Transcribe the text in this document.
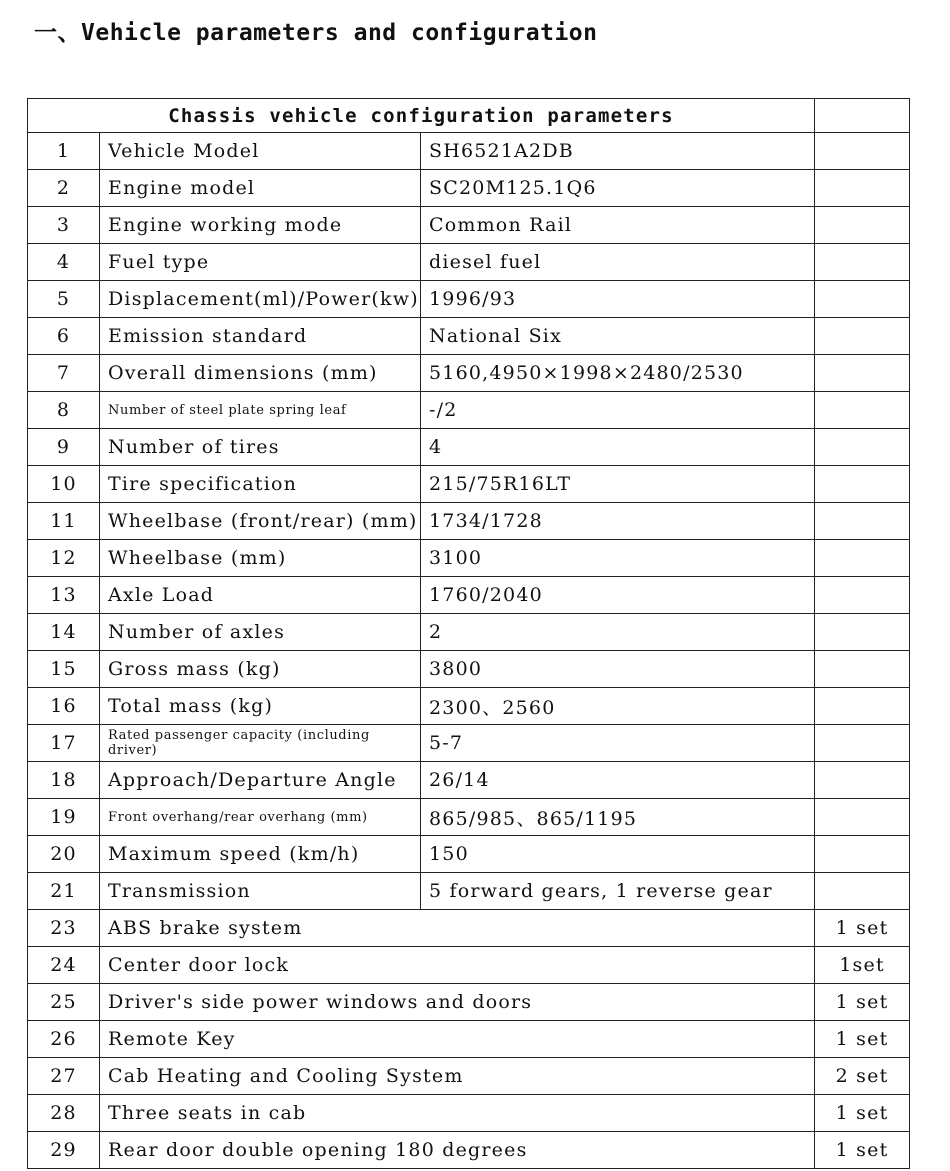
一、Vehicle parameters and configuration
Chassis vehicle configuration parameters			
1	Vehicle Model	SH6521A2DB	
2	Engine model	SC20M125.1Q6	
3	Engine working mode	Common Rail	
4	Fuel type	diesel fuel	
5	Displacement(ml)/Power(kw)	1996/93	
6	Emission standard	National Six	
7	Overall dimensions (mm)	5160,4950×1998×2480/2530	
8	Number of steel plate spring leaf	-/2	
9	Number of tires	4	
10	Tire specification	215/75R16LT	
11	Wheelbase (front/rear) (mm)	1734/1728	
12	Wheelbase (mm)	3100	
13	Axle Load	1760/2040	
14	Number of axles	2	
15	Gross mass (kg)	3800	
16	Total mass (kg)	2300、2560	
17	Rated passenger capacity (including driver)	5-7	
18	Approach/Departure Angle	26/14	
19	Front overhang/rear overhang (mm)	865/985、865/1195	
20	Maximum speed (km/h)	150	
21	Transmission	5 forward gears, 1 reverse gear	
23	ABS brake system		1 set
24	Center door lock		1set
25	Driver's side power windows and doors		1 set
26	Remote Key		1 set
27	Cab Heating and Cooling System		2 set
28	Three seats in cab		1 set
29	Rear door double opening 180 degrees		1 set
